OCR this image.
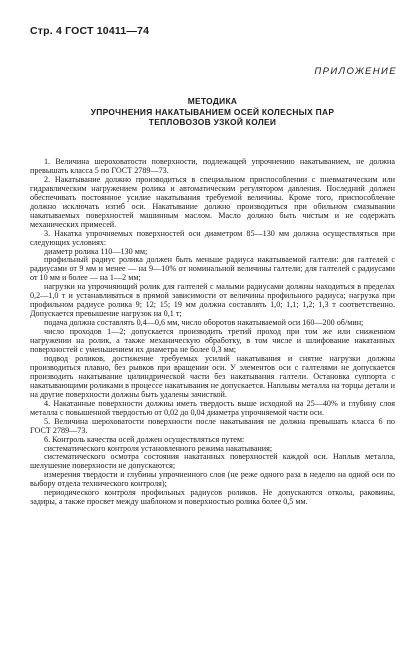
Стр. 4 ГОСТ 10411—74
ПРИЛОЖЕНИЕ
МЕТОДИКА
УПРОЧНЕНИЯ НАКАТЫВАНИЕМ ОСЕЙ КОЛЕСНЫХ ПАР
ТЕПЛОВОЗОВ УЗКОЙ КОЛЕИ

1. Величина шероховатости поверхности, подлежащей упрочнению накатыванием, не должна превышать класса 5 по ГОСТ 2789—73.

2. Накатывание должно производиться в специальном приспособлении с пневматическим или гидравлическим нагружением ролика и автоматическим регулятором давления. Последний должен обеспечивать постоянное усилие накатывания требуемой величины. Кроме того, приспособление должно исключать изгиб оси. Накатывание должно производиться при обильном смазывании накатываемых поверхностей машинным маслом. Масло должно быть чистым и не содержать механических примесей.

3. Накатка упрочняемых поверхностей оси диаметром 85—130 мм должна осуществляться при следующих условиях:

диаметр ролика 110—130 мм;

профильный радиус ролика должен быть меньше радиуса накатываемой галтели: для галтелей с радиусами от 9 мм и менее — на 9—10% от номинальной величины галтели; для галтелей с радиусами от 10 мм и более — на 1—2 мм;

нагрузки на упрочняющий ролик для галтелей с малыми радиусами должны находиться в пределах 0,2—1,0 т и устанавливаться в прямой зависимости от величины профильного радиуса; нагрузка при профильном радиусе ролика 9; 12; 15; 19 мм должна составлять 1,0; 1,1; 1,2; 1,3 т соответственно. Допускается превышение нагрузок на 0,1 т;

подача должна составлять 0,4—0,6 мм, число оборотов накатываемой оси 160—200 об/мин;

число проходов 1—2; допускается производить третий проход при том же или сниженном нагружении на ролик, а также механическую обработку, в том числе и шлифование накатанных поверхностей с уменьшением их диаметра не более 0,3 мм;

подвод роликов, достижение требуемых усилий накатывания и снятие нагрузки должны производиться плавно, без рывков при вращении оси. У элементов оси с галтелями не допускается производить накатывание цилиндрической части без накатывания галтели. Остановка суппорта с накатывающими роликами в процессе накатывания не допускается. Наплывы металла на торцы детали и на другие поверхности должны быть удалены зачисткой.

4. Накатанные поверхности должны иметь твердость выше исходной на 25—40% и глубину слоя металла с повышенной твердостью от 0,02 до 0,04 диаметра упрочняемой части оси.

5. Величина шероховатости поверхности после накатывания не должна превышать класса 6 по ГОСТ 2789—73.

6. Контроль качества осей должен осуществляться путем:

систематического контроля установленного режима накатывания;

систематического осмотра состояния накатанных поверхностей каждой оси. Наплыв металла, шелушение поверхности не допускаются;

измерения твердости и глубины упрочненного слоя (не реже одного раза в неделю на одной оси по выбору отдела технического контроля);

периодического контроля профильных радиусов роликов. Не допускаются отколы, раковины, задиры, а также просвет между шаблоном и поверхностью ролика более 0,5 мм.
